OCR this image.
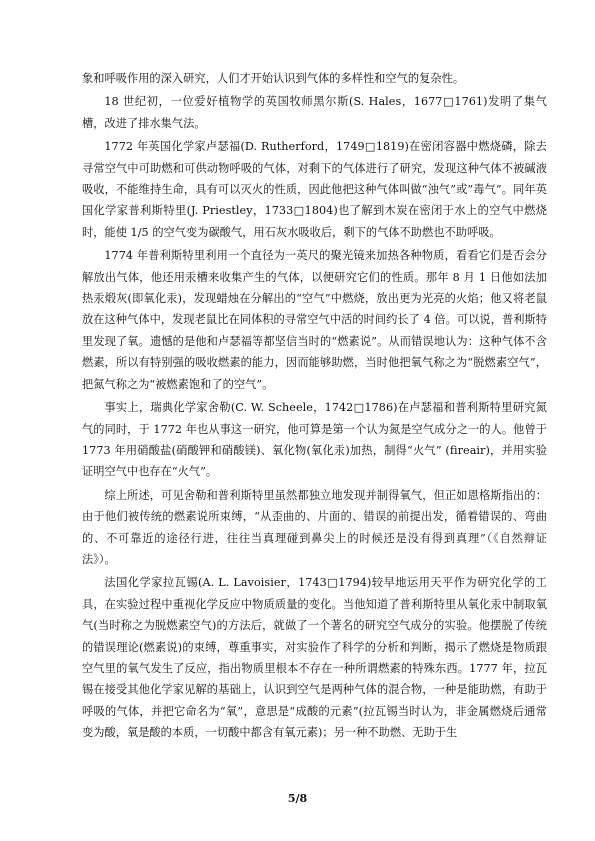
象和呼吸作用的深入研究，人们才开始认识到气体的多样性和空气的复杂性。

18 世纪初，一位爱好植物学的英国牧师黑尔斯(S. Hales，1677□1761)发明了集气槽，改进了排水集气法。

1772 年英国化学家卢瑟福(D. Rutherford，1749□1819)在密闭容器中燃烧磷，除去寻常空气中可助燃和可供动物呼吸的气体，对剩下的气体进行了研究，发现这种气体不被碱液吸收，不能维持生命，具有可以灭火的性质，因此他把这种气体叫做“浊气”或“毒气”。同年英国化学家普利斯特里(J. Priestley，1733□1804)也了解到木炭在密闭于水上的空气中燃烧时，能使 1/5 的空气变为碳酸气，用石灰水吸收后，剩下的气体不助燃也不助呼吸。

1774 年普利斯特里利用一个直径为一英尺的聚光镜来加热各种物质，看看它们是否会分解放出气体，他还用汞槽来收集产生的气体，以便研究它们的性质。那年 8 月 1 日他如法加热汞煅灰(即氧化汞)，发现蜡烛在分解出的“空气”中燃烧，放出更为光亮的火焰；他又将老鼠放在这种气体中，发现老鼠比在同体积的寻常空气中活的时间约长了 4 倍。可以说，普利斯特里发现了氧。遗憾的是他和卢瑟福等都坚信当时的“燃素说”。从而错误地认为：这种气体不含燃素，所以有特别强的吸收燃素的能力，因而能够助燃，当时他把氧气称之为“脱燃素空气”，把氮气称之为“被燃素饱和了的空气”。

事实上，瑞典化学家舍勒(C. W. Scheele，1742□1786)在卢瑟福和普利斯特里研究氮气的同时，于 1772 年也从事这一研究，他可算是第一个认为氮是空气成分之一的人。他曾于 1773 年用硝酸盐(硝酸钾和硝酸镁)、氧化物(氧化汞)加热，制得“火气” (fireair)，并用实验证明空气中也存在“火气”。

综上所述，可见舍勒和普利斯特里虽然都独立地发现并制得氧气，但正如恩格斯指出的：由于他们被传统的燃素说所束缚，“从歪曲的、片面的、错误的前提出发，循着错误的、弯曲的、不可靠近的途径行进，往往当真理碰到鼻尖上的时候还是没有得到真理”（《自然辩证法》）。

法国化学家拉瓦锡(A. L. Lavoisier，1743□1794)较早地运用天平作为研究化学的工具，在实验过程中重视化学反应中物质质量的变化。当他知道了普利斯特里从氧化汞中制取氧气(当时称之为脱燃素空气)的方法后，就做了一个著名的研究空气成分的实验。他摆脱了传统的错误理论(燃素说)的束缚，尊重事实，对实验作了科学的分析和判断，揭示了燃烧是物质跟空气里的氧气发生了反应，指出物质里根本不存在一种所谓燃素的特殊东西。1777 年，拉瓦锡在接受其他化学家见解的基础上，认识到空气是两种气体的混合物，一种是能助燃，有助于呼吸的气体，并把它命名为“氧”，意思是“成酸的元素”(拉瓦锡当时认为，非金属燃烧后通常变为酸，氧是酸的本质，一切酸中都含有氧元素)；另一种不助燃、无助于生

5/8
